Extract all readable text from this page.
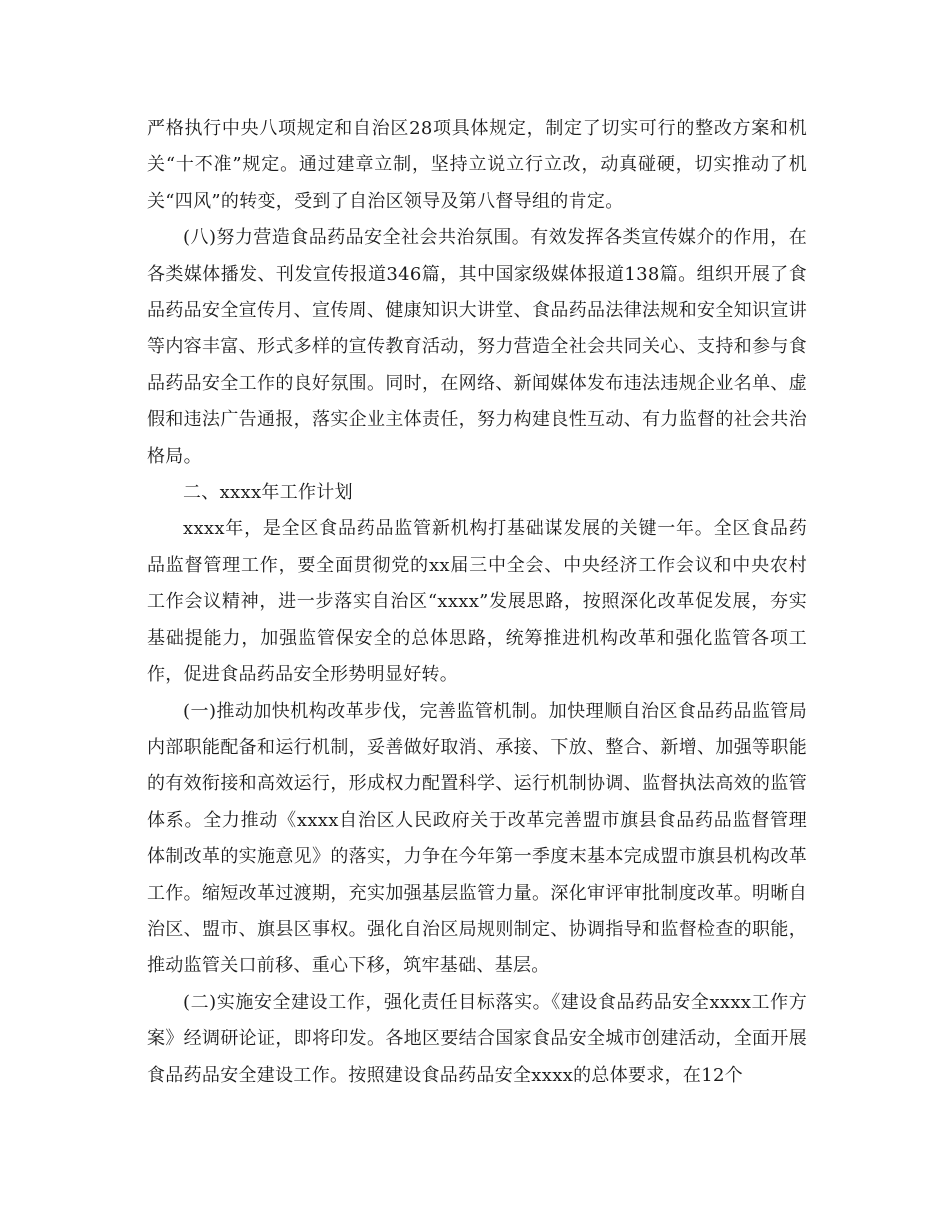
严格执行中央八项规定和自治区28项具体规定，制定了切实可行的整改方案和机关“十不准”规定。通过建章立制，坚持立说立行立改，动真碰硬，切实推动了机关“四风”的转变，受到了自治区领导及第八督导组的肯定。

(八)努力营造食品药品安全社会共治氛围。有效发挥各类宣传媒介的作用，在各类媒体播发、刊发宣传报道346篇，其中国家级媒体报道138篇。组织开展了食品药品安全宣传月、宣传周、健康知识大讲堂、食品药品法律法规和安全知识宣讲等内容丰富、形式多样的宣传教育活动，努力营造全社会共同关心、支持和参与食品药品安全工作的良好氛围。同时，在网络、新闻媒体发布违法违规企业名单、虚假和违法广告通报，落实企业主体责任，努力构建良性互动、有力监督的社会共治格局。

二、xxxx年工作计划

xxxx年，是全区食品药品监管新机构打基础谋发展的关键一年。全区食品药品监督管理工作，要全面贯彻党的xx届三中全会、中央经济工作会议和中央农村工作会议精神，进一步落实自治区“xxxx”发展思路，按照深化改革促发展，夯实基础提能力，加强监管保安全的总体思路，统筹推进机构改革和强化监管各项工作，促进食品药品安全形势明显好转。

(一)推动加快机构改革步伐，完善监管机制。加快理顺自治区食品药品监管局内部职能配备和运行机制，妥善做好取消、承接、下放、整合、新增、加强等职能的有效衔接和高效运行，形成权力配置科学、运行机制协调、监督执法高效的监管体系。全力推动《xxxx自治区人民政府关于改革完善盟市旗县食品药品监督管理体制改革的实施意见》的落实，力争在今年第一季度末基本完成盟市旗县机构改革工作。缩短改革过渡期，充实加强基层监管力量。深化审评审批制度改革。明晰自治区、盟市、旗县区事权。强化自治区局规则制定、协调指导和监督检查的职能，推动监管关口前移、重心下移，筑牢基础、基层。

(二)实施安全建设工作，强化责任目标落实。《建设食品药品安全xxxx工作方案》经调研论证，即将印发。各地区要结合国家食品安全城市创建活动，全面开展食品药品安全建设工作。按照建设食品药品安全xxxx的总体要求，在12个
